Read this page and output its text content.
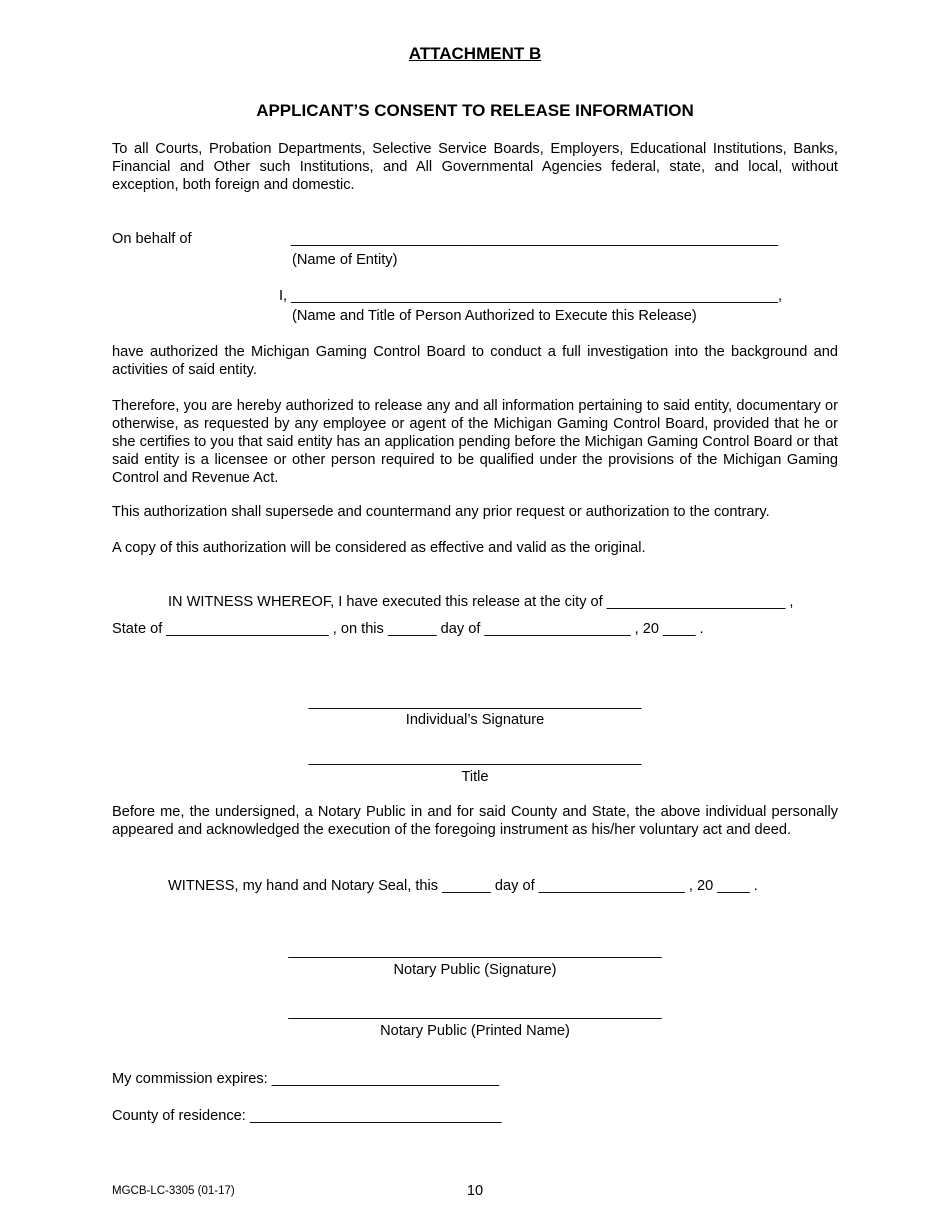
ATTACHMENT B
APPLICANT’S CONSENT TO RELEASE INFORMATION
To all Courts, Probation Departments, Selective Service Boards, Employers, Educational Institutions, Banks, Financial and Other such Institutions, and All Governmental Agencies federal, state, and local, without exception, both foreign and domestic.
On behalf of	____________________________________________________________
(Name of Entity)
I, ____________________________________________________________,
(Name and Title of Person Authorized to Execute this Release)
have authorized the Michigan Gaming Control Board to conduct a full investigation into the background and activities of said entity.
Therefore, you are hereby authorized to release any and all information pertaining to said entity, documentary or otherwise, as requested by any employee or agent of the Michigan Gaming Control Board, provided that he or she certifies to you that said entity has an application pending before the Michigan Gaming Control Board or that said entity is a licensee or other person required to be qualified under the provisions of the Michigan Gaming Control and Revenue Act.
This authorization shall supersede and countermand any prior request or authorization to the contrary.
A copy of this authorization will be considered as effective and valid as the original.
IN WITNESS WHEREOF, I have executed this release at the city of ______________________ ,
State of ____________________ , on this ______ day of __________________ , 20 ____ .
_________________________________________
Individual’s Signature
_________________________________________
Title
Before me, the undersigned, a Notary Public in and for said County and State, the above individual personally appeared and acknowledged the execution of the foregoing instrument as his/her voluntary act and deed.
WITNESS, my hand and Notary Seal, this ______ day of __________________ , 20 ____ .
______________________________________________
Notary Public (Signature)
______________________________________________
Notary Public (Printed Name)
My commission expires: ____________________________
County of residence: _______________________________
MGCB-LC-3305 (01-17)	10
